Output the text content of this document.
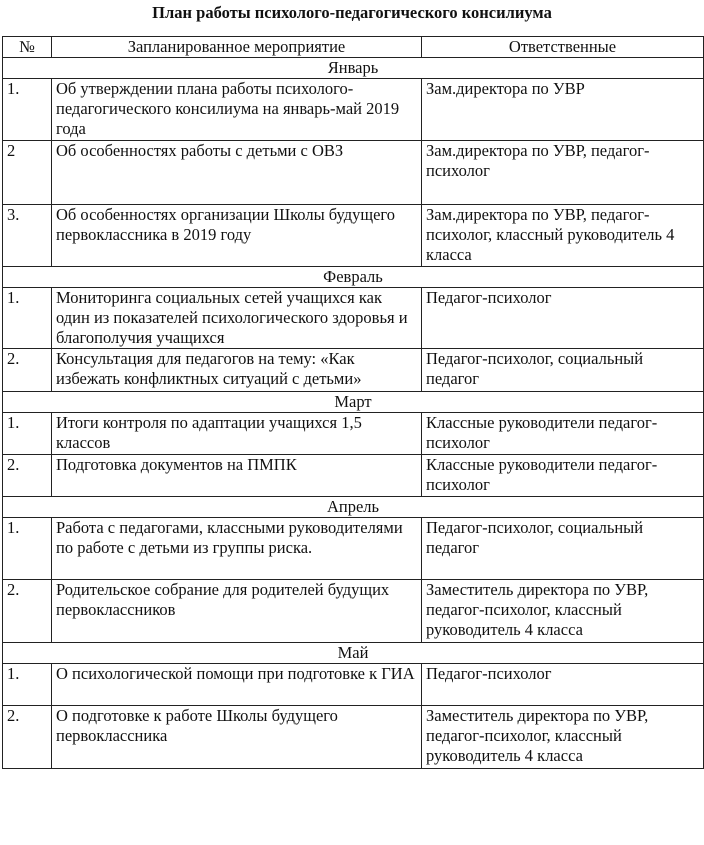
План работы психолого-педагогического консилиума
№	Запланированное мероприятие	Ответственные
Январь		
1.	Об утверждении плана работы психолого-педагогического консилиума на январь-май 2019 года	Зам.директора по УВР
2	Об особенностях работы с детьми с ОВЗ	Зам.директора по УВР, педагог-психолог
3.	Об особенностях организации Школы будущего первоклассника в 2019 году	Зам.директора по УВР, педагог-психолог, классный руководитель 4 класса
Февраль		
1.	Мониторинга социальных сетей учащихся как один из показателей психологического здоровья и благополучия учащихся	Педагог-психолог
2.	Консультация для педагогов на тему: «Как избежать конфликтных ситуаций с детьми»	Педагог-психолог, социальный педагог
Март		
1.	Итоги контроля по адаптации учащихся 1,5 классов	Классные руководители педагог-психолог
2.	Подготовка документов на ПМПК	Классные руководители педагог-психолог
Апрель		
1.	Работа с педагогами, классными руководителями по работе с детьми из группы риска.	Педагог-психолог, социальный педагог
2.	Родительское собрание для родителей будущих первоклассников	Заместитель директора по УВР, педагог-психолог, классный руководитель 4 класса
Май		
1.	О психологической помощи при подготовке к ГИА	Педагог-психолог
2.	О подготовке к работе Школы будущего первоклассника	Заместитель директора по УВР, педагог-психолог, классный руководитель 4 класса
